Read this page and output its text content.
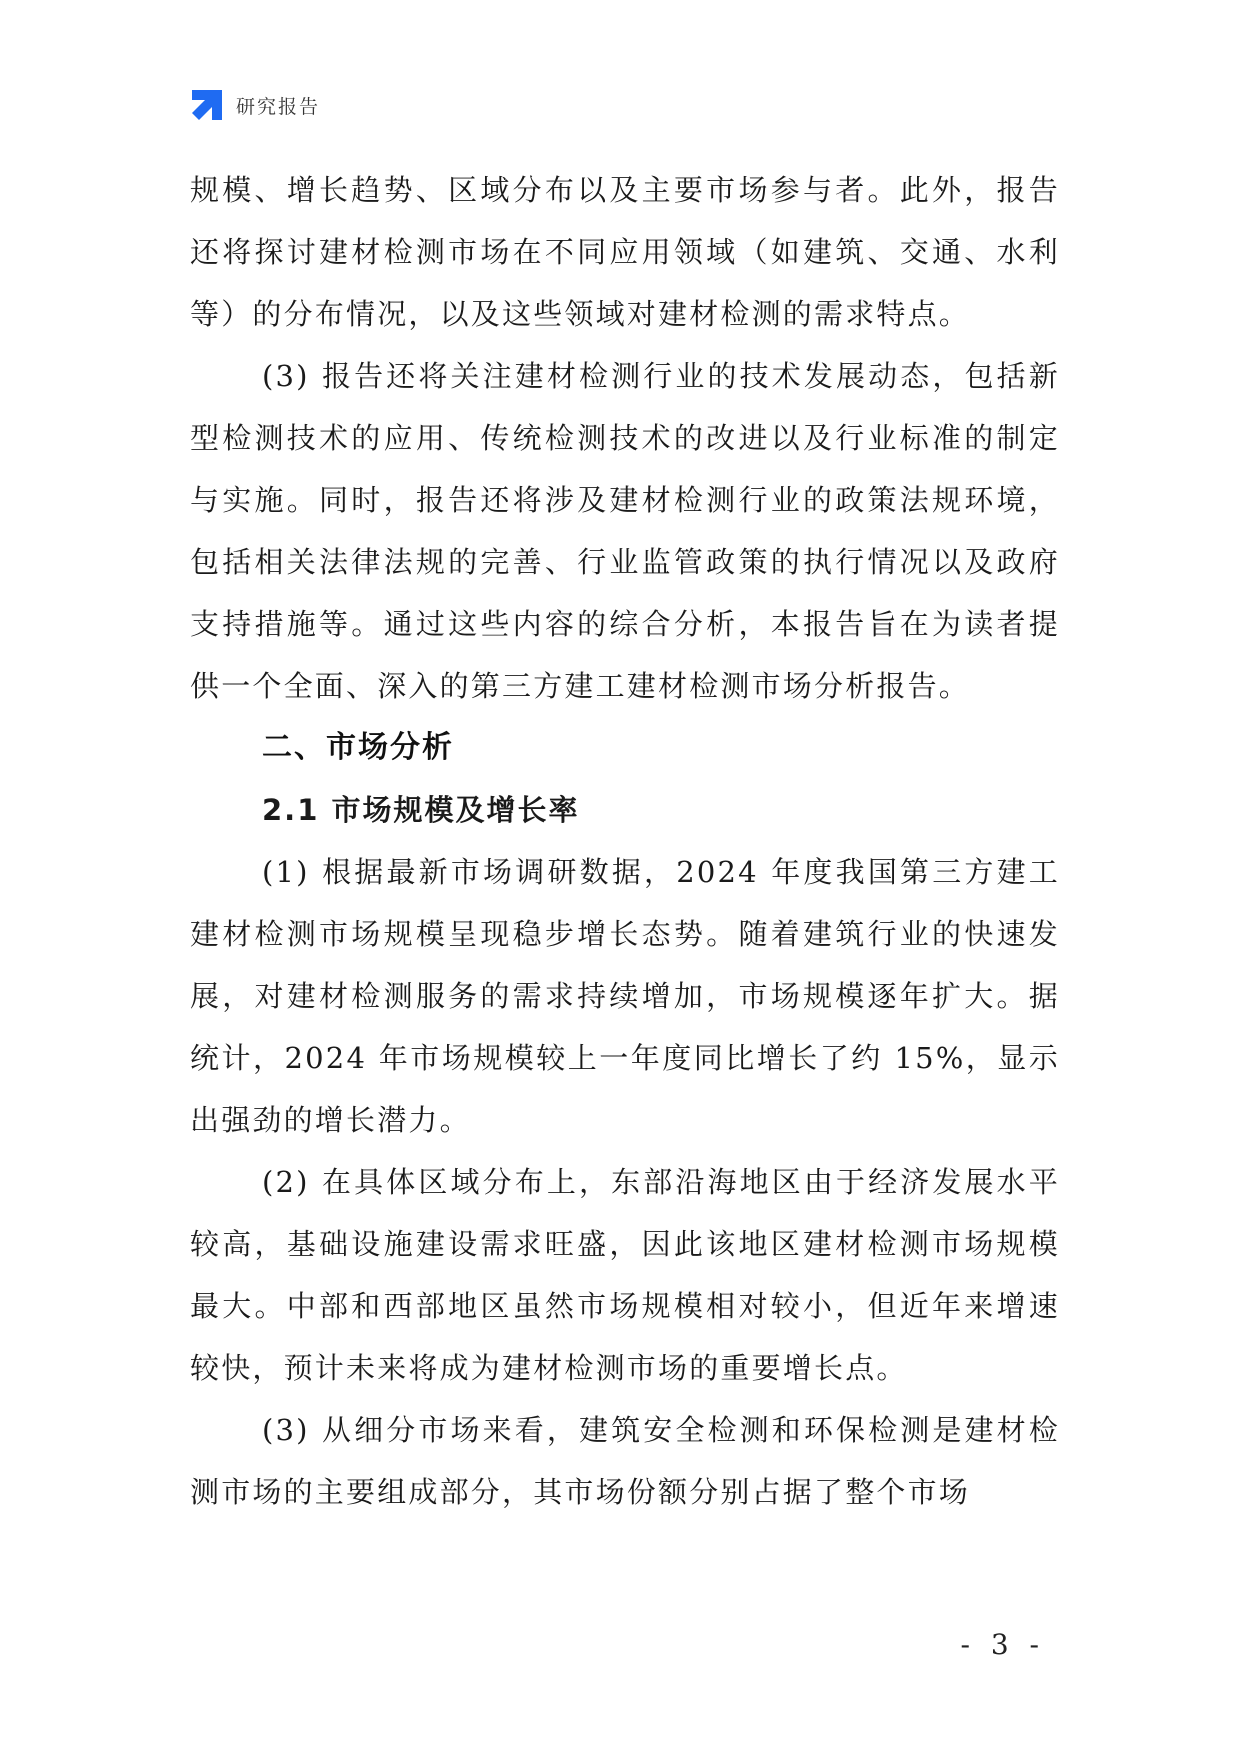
研究报告

规模、增长趋势、区域分布以及主要市场参与者。此外，报告还将探讨建材检测市场在不同应用领域（如建筑、交通、水利等）的分布情况，以及这些领域对建材检测的需求特点。

(3) 报告还将关注建材检测行业的技术发展动态，包括新型检测技术的应用、传统检测技术的改进以及行业标准的制定与实施。同时，报告还将涉及建材检测行业的政策法规环境，包括相关法律法规的完善、行业监管政策的执行情况以及政府支持措施等。通过这些内容的综合分析，本报告旨在为读者提供一个全面、深入的第三方建工建材检测市场分析报告。

二、市场分析
2.1 市场规模及增长率

(1) 根据最新市场调研数据，2024 年度我国第三方建工建材检测市场规模呈现稳步增长态势。随着建筑行业的快速发展，对建材检测服务的需求持续增加，市场规模逐年扩大。据统计，2024 年市场规模较上一年度同比增长了约 15%，显示出强劲的增长潜力。

(2) 在具体区域分布上，东部沿海地区由于经济发展水平较高，基础设施建设需求旺盛，因此该地区建材检测市场规模最大。中部和西部地区虽然市场规模相对较小，但近年来增速较快，预计未来将成为建材检测市场的重要增长点。

(3) 从细分市场来看，建筑安全检测和环保检测是建材检测市场的主要组成部分，其市场份额分别占据了整个市场

- 3 -
